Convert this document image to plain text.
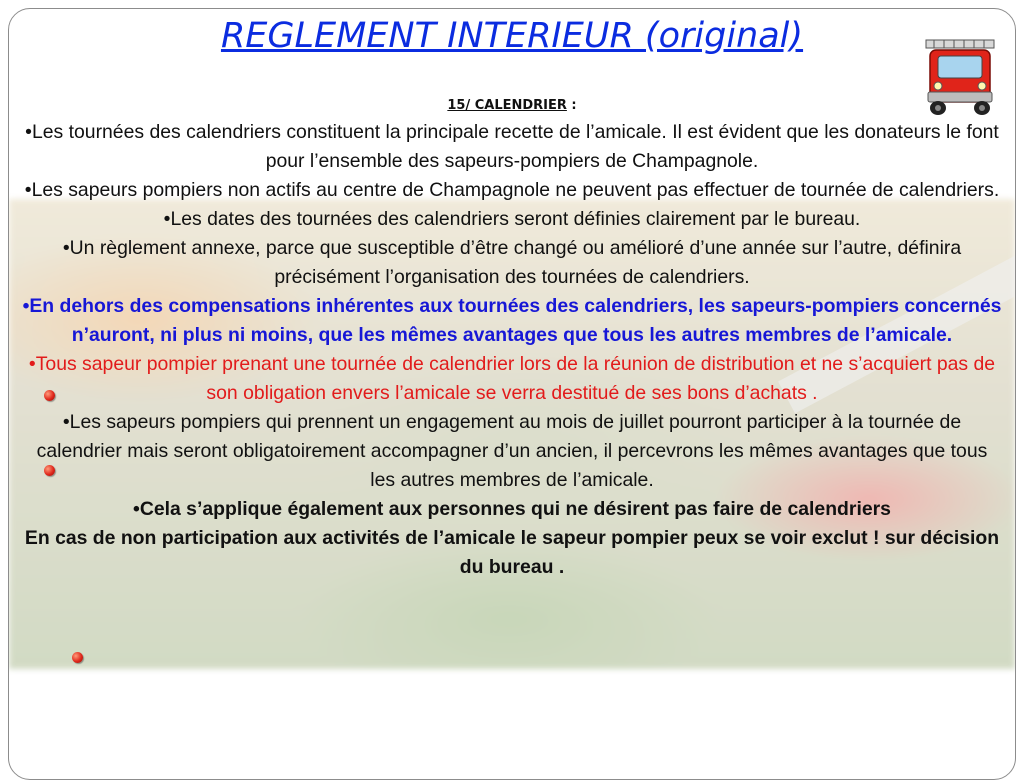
REGLEMENT INTERIEUR (original)

15/ CALENDRIER :

•Les tournées des calendriers constituent la principale recette de l’amicale. Il est évident que les donateurs le font pour l’ensemble des sapeurs-pompiers de Champagnole.

•Les sapeurs pompiers non actifs au centre de Champagnole ne peuvent pas effectuer de tournée de calendriers.

•Les dates des tournées des calendriers seront définies clairement par le bureau.

•Un règlement annexe, parce que susceptible d’être changé ou amélioré d’une année sur l’autre, définira précisément l’organisation des tournées de calendriers.

•En dehors des compensations inhérentes aux tournées des calendriers, les sapeurs-pompiers concernés n’auront, ni plus ni moins, que les mêmes avantages que tous les autres membres de l’amicale.

•Tous sapeur pompier prenant une tournée de calendrier lors de la réunion de distribution et ne s’acquiert pas de son obligation envers l’amicale se verra destitué de ses bons d’achats .

•Les sapeurs pompiers qui prennent un engagement au mois de juillet pourront participer à la tournée de calendrier mais seront obligatoirement accompagner d’un ancien, il percevrons les mêmes avantages que tous les autres membres de l’amicale.

•Cela s’applique également aux personnes qui ne désirent pas faire de calendriers

En cas de non participation aux activités de l’amicale le sapeur pompier peux se voir exclut ! sur décision du bureau .
